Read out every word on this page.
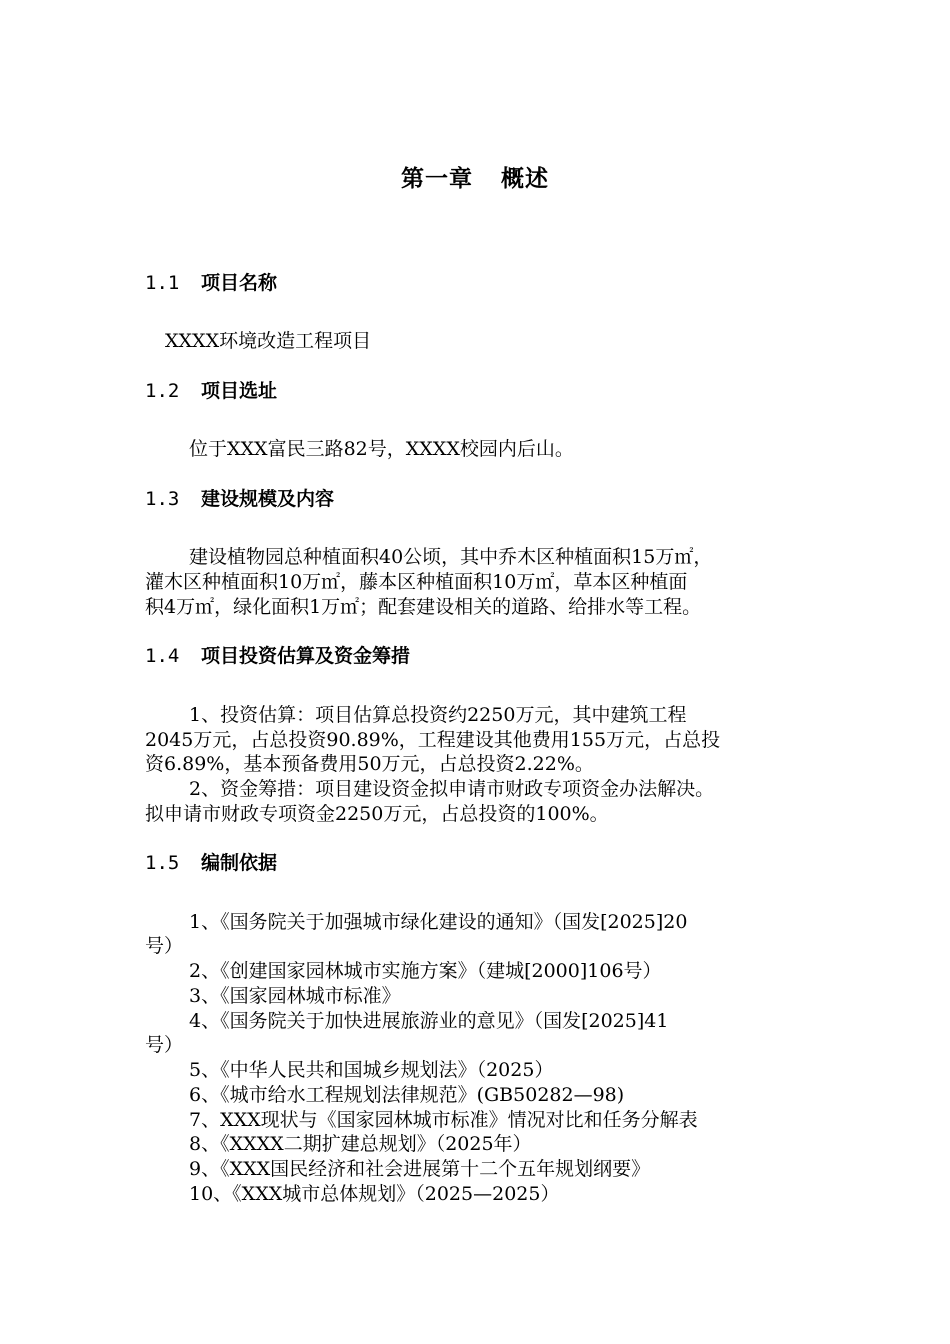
第一章 概述
1.1 项目名称
XXXX环境改造工程项目
1.2 项目选址
位于XXX富民三路82号，XXXX校园内后山。
1.3 建设规模及内容
建设植物园总种植面积40公顷，其中乔木区种植面积15万㎡，
灌木区种植面积10万㎡，藤本区种植面积10万㎡，草本区种植面
积4万㎡，绿化面积1万㎡；配套建设相关的道路、给排水等工程。
1.4 项目投资估算及资金筹措
1、投资估算：项目估算总投资约2250万元，其中建筑工程
2045万元，占总投资90.89%，工程建设其他费用155万元，占总投
资6.89%，基本预备费用50万元，占总投资2.22%。
2、资金筹措：项目建设资金拟申请市财政专项资金办法解决。
拟申请市财政专项资金2250万元，占总投资的100%。
1.5 编制依据
1、《国务院关于加强城市绿化建设的通知》（国发[2025]20
号）
2、《创建国家园林城市实施方案》（建城[2000]106号）
3、《国家园林城市标准》
4、《国务院关于加快进展旅游业的意见》（国发[2025]41
号）
5、《中华人民共和国城乡规划法》（2025）
6、《城市给水工程规划法律规范》(GB50282—98)
7、XXX现状与《国家园林城市标准》情况对比和任务分解表
8、《XXXX二期扩建总规划》（2025年）
9、《XXX国民经济和社会进展第十二个五年规划纲要》
10、《XXX城市总体规划》（2025—2025）
